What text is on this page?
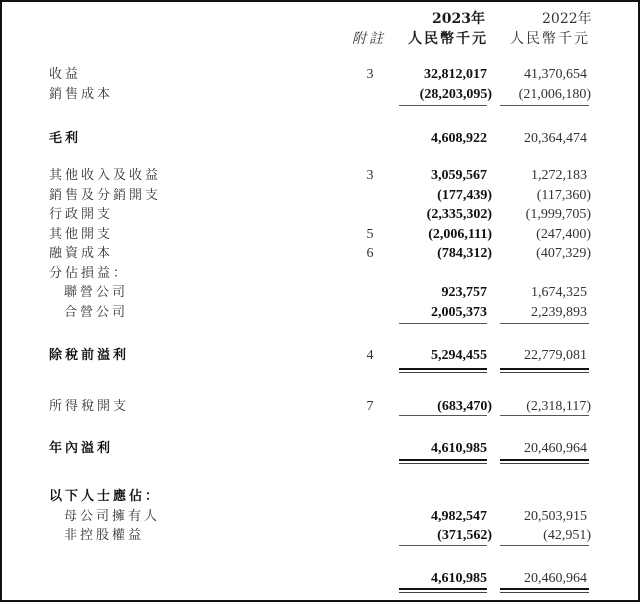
2023年	2022年
附註 人民幣千元 人民幣千元
收益	3	32,812,017	41,370,654
銷售成本	(28,203,095) (21,006,180)
毛利	4,608,922	20,364,474
其他收入及收益	3	3,059,567	1,272,183
銷售及分銷開支	(177,439)	(117,360)
行政開支	(2,335,302) (1,999,705)
其他開支	5	(2,006,111)	(247,400)
融資成本	6	(784,312)	(407,329)
分佔損益：
聯營公司	923,757	1,674,325
合營公司	2,005,373	2,239,893
除稅前溢利	4	5,294,455	22,779,081
所得稅開支	7	(683,470) (2,318,117)
年內溢利	4,610,985	20,460,964
以下人士應佔：
母公司擁有人	4,982,547	20,503,915
非控股權益	(371,562)	(42,951)
4,610,985	20,460,964
